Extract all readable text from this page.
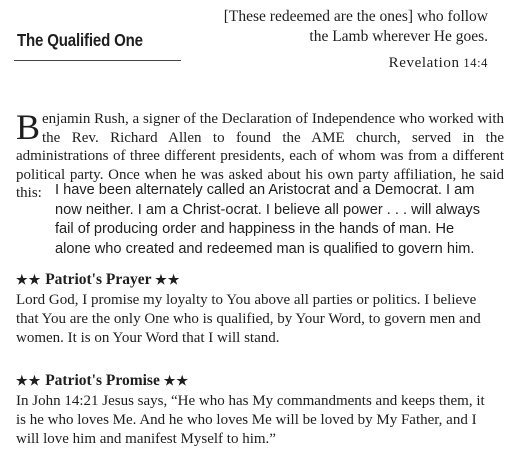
The Qualified One
[These redeemed are the ones] who follow
the Lamb wherever He goes.
Revelation 14:4
B enjamin Rush, a signer of the Declaration of Independence who worked with the Rev. Richard Allen to found the AME church, served in the administrations of three different presidents, each of whom was from a different political party. Once when he was asked about his own party affiliation, he said this: I have been alternately called an Aristocrat and a Democrat. I am now neither. I am a Christ-ocrat. I believe all power . . . will always fail of producing order and happiness in the hands of man. He alone who created and redeemed man is qualified to govern him.
★★ Patriot's Prayer ★★
Lord God, I promise my loyalty to You above all parties or politics. I believe that You are the only One who is qualified, by Your Word, to govern men and women. It is on Your Word that I will stand.
★★ Patriot's Promise ★★
In John 14:21 Jesus says, “He who has My commandments and keeps them, it is he who loves Me. And he who loves Me will be loved by My Father, and I will love him and manifest Myself to him.”
